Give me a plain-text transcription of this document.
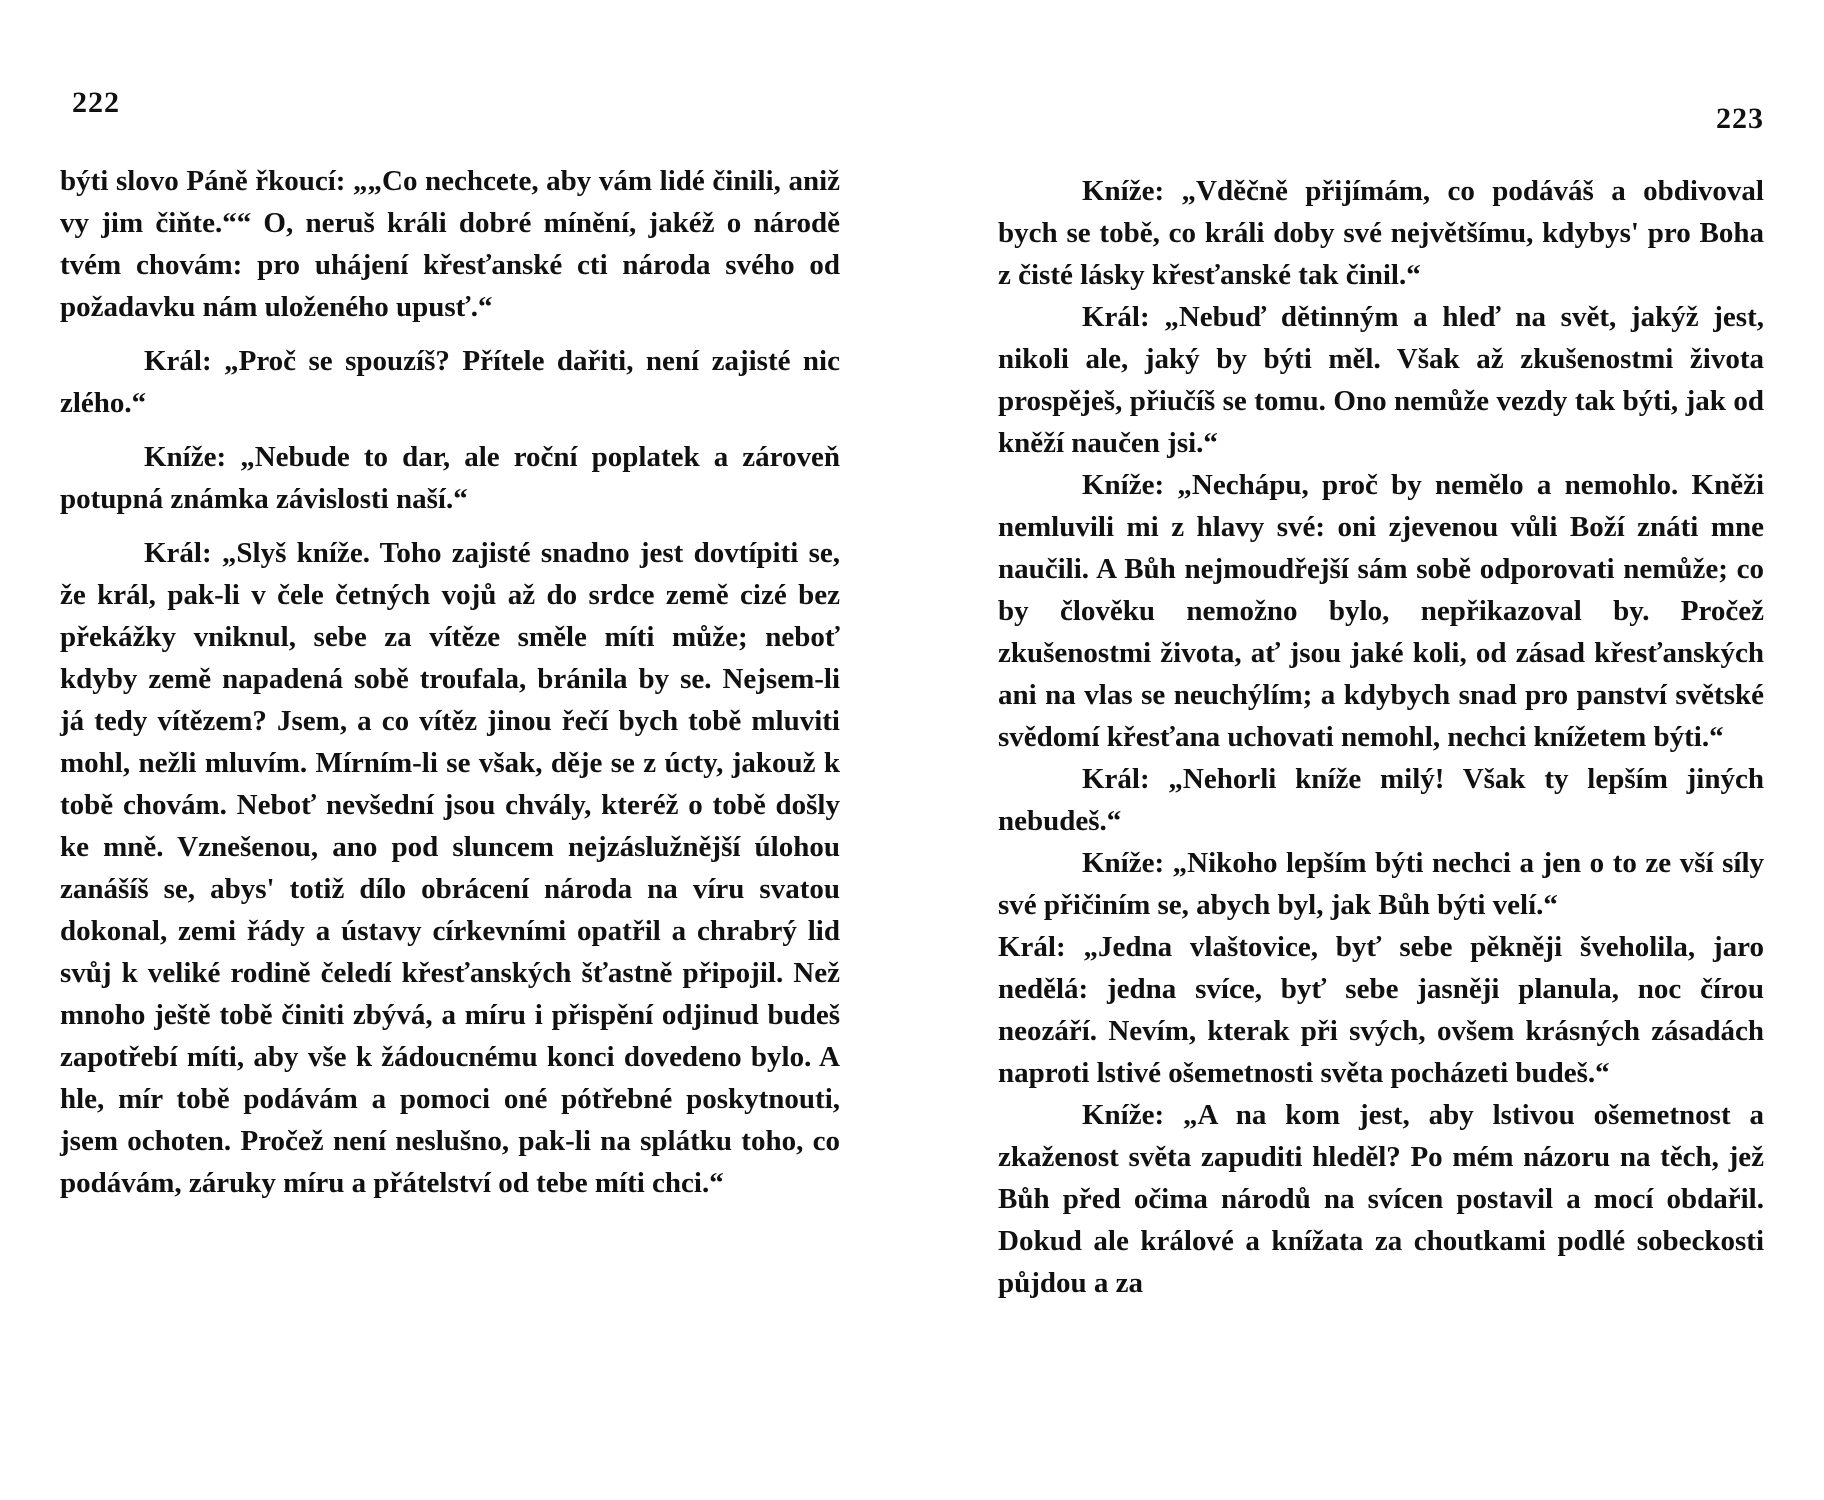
222

býti slovo Páně řkoucí: „„Co nechcete, aby vám lidé činili, aniž vy jim čiňte.““ O, neruš králi dobré mínění, jakéž o národě tvém chovám: pro uhájení křesťanské cti národa svého od požadavku nám uloženého upusť.“

Král: „Proč se spouzíš? Přítele dařiti, není zajisté nic zlého.“

Kníže: „Nebude to dar, ale roční poplatek a zároveň potupná známka závislosti naší.“

Král: „Slyš kníže. Toho zajisté snadno jest dovtípiti se, že král, pak-li v čele četných vojů až do srdce země cizé bez překážky vniknul, sebe za vítěze směle míti může; neboť kdyby země napadená sobě troufala, bránila by se. Nejsem-li já tedy vítězem? Jsem, a co vítěz jinou řečí bych tobě mluviti mohl, nežli mluvím. Mírním-li se však, děje se z úcty, jakouž k tobě chovám. Neboť nevšední jsou chvály, kteréž o tobě došly ke mně. Vznešenou, ano pod sluncem nejzáslužnější úlohou zanášíš se, abys' totiž dílo obrácení národa na víru svatou dokonal, zemi řády a ústavy církevními opatřil a chrabrý lid svůj k veliké rodině čeledí křesťanských šťastně připojil. Než mnoho ještě tobě činiti zbývá, a míru i přispění odjinud budeš zapotřebí míti, aby vše k žádoucnému konci dovedeno bylo. A hle, mír tobě podávám a pomoci oné pótřebné poskytnouti, jsem ochoten. Pročež není neslušno, pak-li na splátku toho, co podávám, záruky míru a přátelství od tebe míti chci.“

223

Kníže: „Vděčně přijímám, co podáváš a obdivoval bych se tobě, co králi doby své největšímu, kdybys' pro Boha z čisté lásky křesťanské tak činil.“

Král: „Nebuď dětinným a hleď na svět, jakýž jest, nikoli ale, jaký by býti měl. Však až zkušenostmi života prospěješ, přiučíš se tomu. Ono nemůže vezdy tak býti, jak od kněží naučen jsi.“

Kníže: „Nechápu, proč by nemělo a nemohlo. Kněži nemluvili mi z hlavy své: oni zjevenou vůli Boží znáti mne naučili. A Bůh nejmoudřejší sám sobě odporovati nemůže; co by člověku nemožno bylo, nepřikazoval by. Pročež zkušenostmi života, ať jsou jaké koli, od zásad křesťanských ani na vlas se neuchýlím; a kdybych snad pro panství světské svědomí křesťana uchovati nemohl, nechci knížetem býti.“

Král: „Nehorli kníže milý! Však ty lepším jiných nebudeš.“

Kníže: „Nikoho lepším býti nechci a jen o to ze vší síly své přičiním se, abych byl, jak Bůh býti velí.“

Král: „Jedna vlaštovice, byť sebe pěkněji šveholila, jaro nedělá: jedna svíce, byť sebe jasněji planula, noc čírou neozáří. Nevím, kterak při svých, ovšem krásných zásadách naproti lstivé ošemetnosti světa pocházeti budeš.“

Kníže: „A na kom jest, aby lstivou ošemetnost a zkaženost světa zapuditi hleděl? Po mém názoru na těch, jež Bůh před očima národů na svícen postavil a mocí obdařil. Dokud ale králové a knížata za choutkami podlé sobeckosti půjdou a za
